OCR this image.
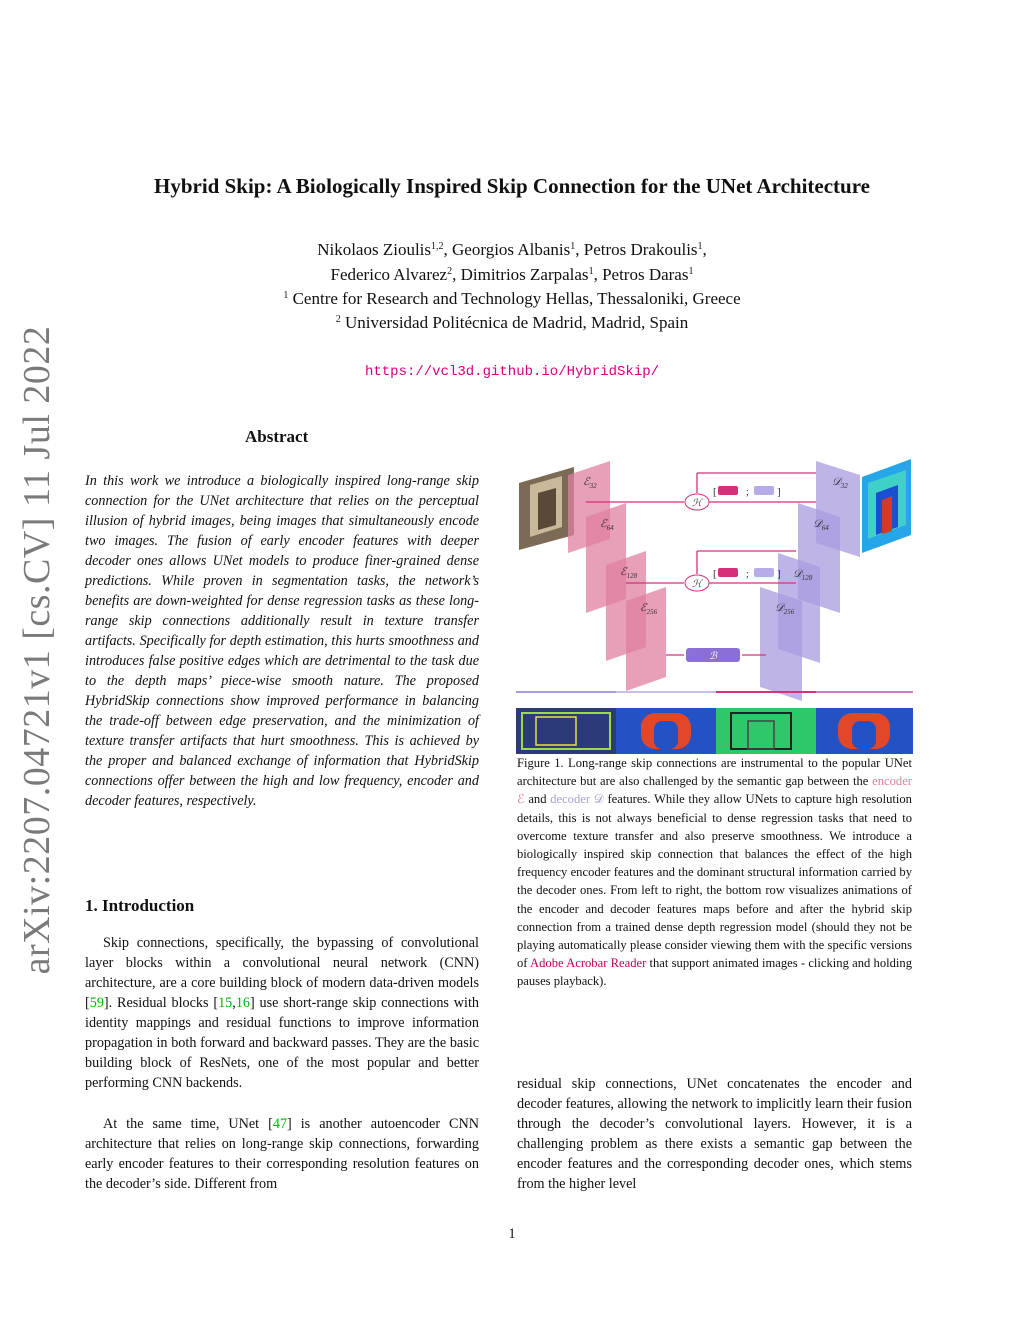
Hybrid Skip: A Biologically Inspired Skip Connection for the UNet Architecture
Nikolaos Zioulis$^{1,2}$, Georgios Albanis$^1$, Petros Drakoulis$^1$,
Federico Alvarez$^2$, Dimitrios Zarpalas$^1$, Petros Daras$^1$
$^1$ Centre for Research and Technology Hellas, Thessaloniki, Greece
$^2$ Universidad Politécnica de Madrid, Madrid, Spain
https://vcl3d.github.io/HybridSkip/
arXiv:2207.04721v1 [cs.CV] 11 Jul 2022	Abstract
In this work we introduce a biologically inspired long-range skip connection for the UNet architecture that relies on the perceptual illusion of hybrid images, being images that simultaneously encode two images. The fusion of early encoder features with deeper decoder ones allows UNet models to produce finer-grained dense predictions. While proven in segmentation tasks, the network’s benefits are down-weighted for dense regression tasks as these long-range skip connections additionally result in texture transfer artifacts. Specifically for depth estimation, this hurts smoothness and introduces false positive edges which are detrimental to the task due to the depth maps’ piece-wise smooth nature. The proposed HybridSkip connections show improved performance in balancing the trade-off between edge preservation, and the minimization of texture transfer artifacts that hurt smoothness. This is achieved by the proper and balanced exchange of information that HybridSkip connections offer between the high and low frequency, encoder and decoder features, respectively.
1. Introduction
Skip connections, specifically, the bypassing of convolutional layer blocks within a convolutional neural network (CNN) architecture, are a core building block of modern data-driven models [59]. Residual blocks [15,16] use short-range skip connections with identity mappings and residual functions to improve information propagation in both forward and backward passes. They are the basic building block of ResNets, one of the most popular and better performing CNN backends.
At the same time, UNet [47] is another autoencoder CNN architecture that relies on long-range skip connections, forwarding early encoder features to their corresponding resolution features on the decoder’s side. Different from
residual skip connections, UNet concatenates the encoder and decoder features, allowing the network to implicitly learn their fusion through the decoder’s convolutional layers. However, it is a challenging problem as there exists a semantic gap between the encoder features and the corresponding decoder ones, which stems from the higher level
ℰ$_{32}$
ℰ$_{64}$
ℰ$_{128}$
ℰ$_{256}$
𝒟$_{32}$
𝒟$_{64}$
𝒟$_{128}$
𝒟$_{256}$
ℋ
ℋ
[	;	]
[	;	]
ℬ
Figure 1. Long-range skip connections are instrumental to the popular UNet architecture but are also challenged by the semantic gap between the encoder ℰ and decoder 𝒟 features. While they allow UNets to capture high resolution details, this is not always beneficial to dense regression tasks that need to overcome texture transfer and also preserve smoothness. We introduce a biologically inspired skip connection that balances the effect of the high frequency encoder features and the dominant structural information carried by the decoder ones. From left to right, the bottom row visualizes animations of the encoder and decoder features maps before and after the hybrid skip connection from a trained dense depth regression model (should they not be playing automatically please consider viewing them with the specific versions of Adobe Acrobar Reader that support animated images - clicking and holding pauses playback).
1
